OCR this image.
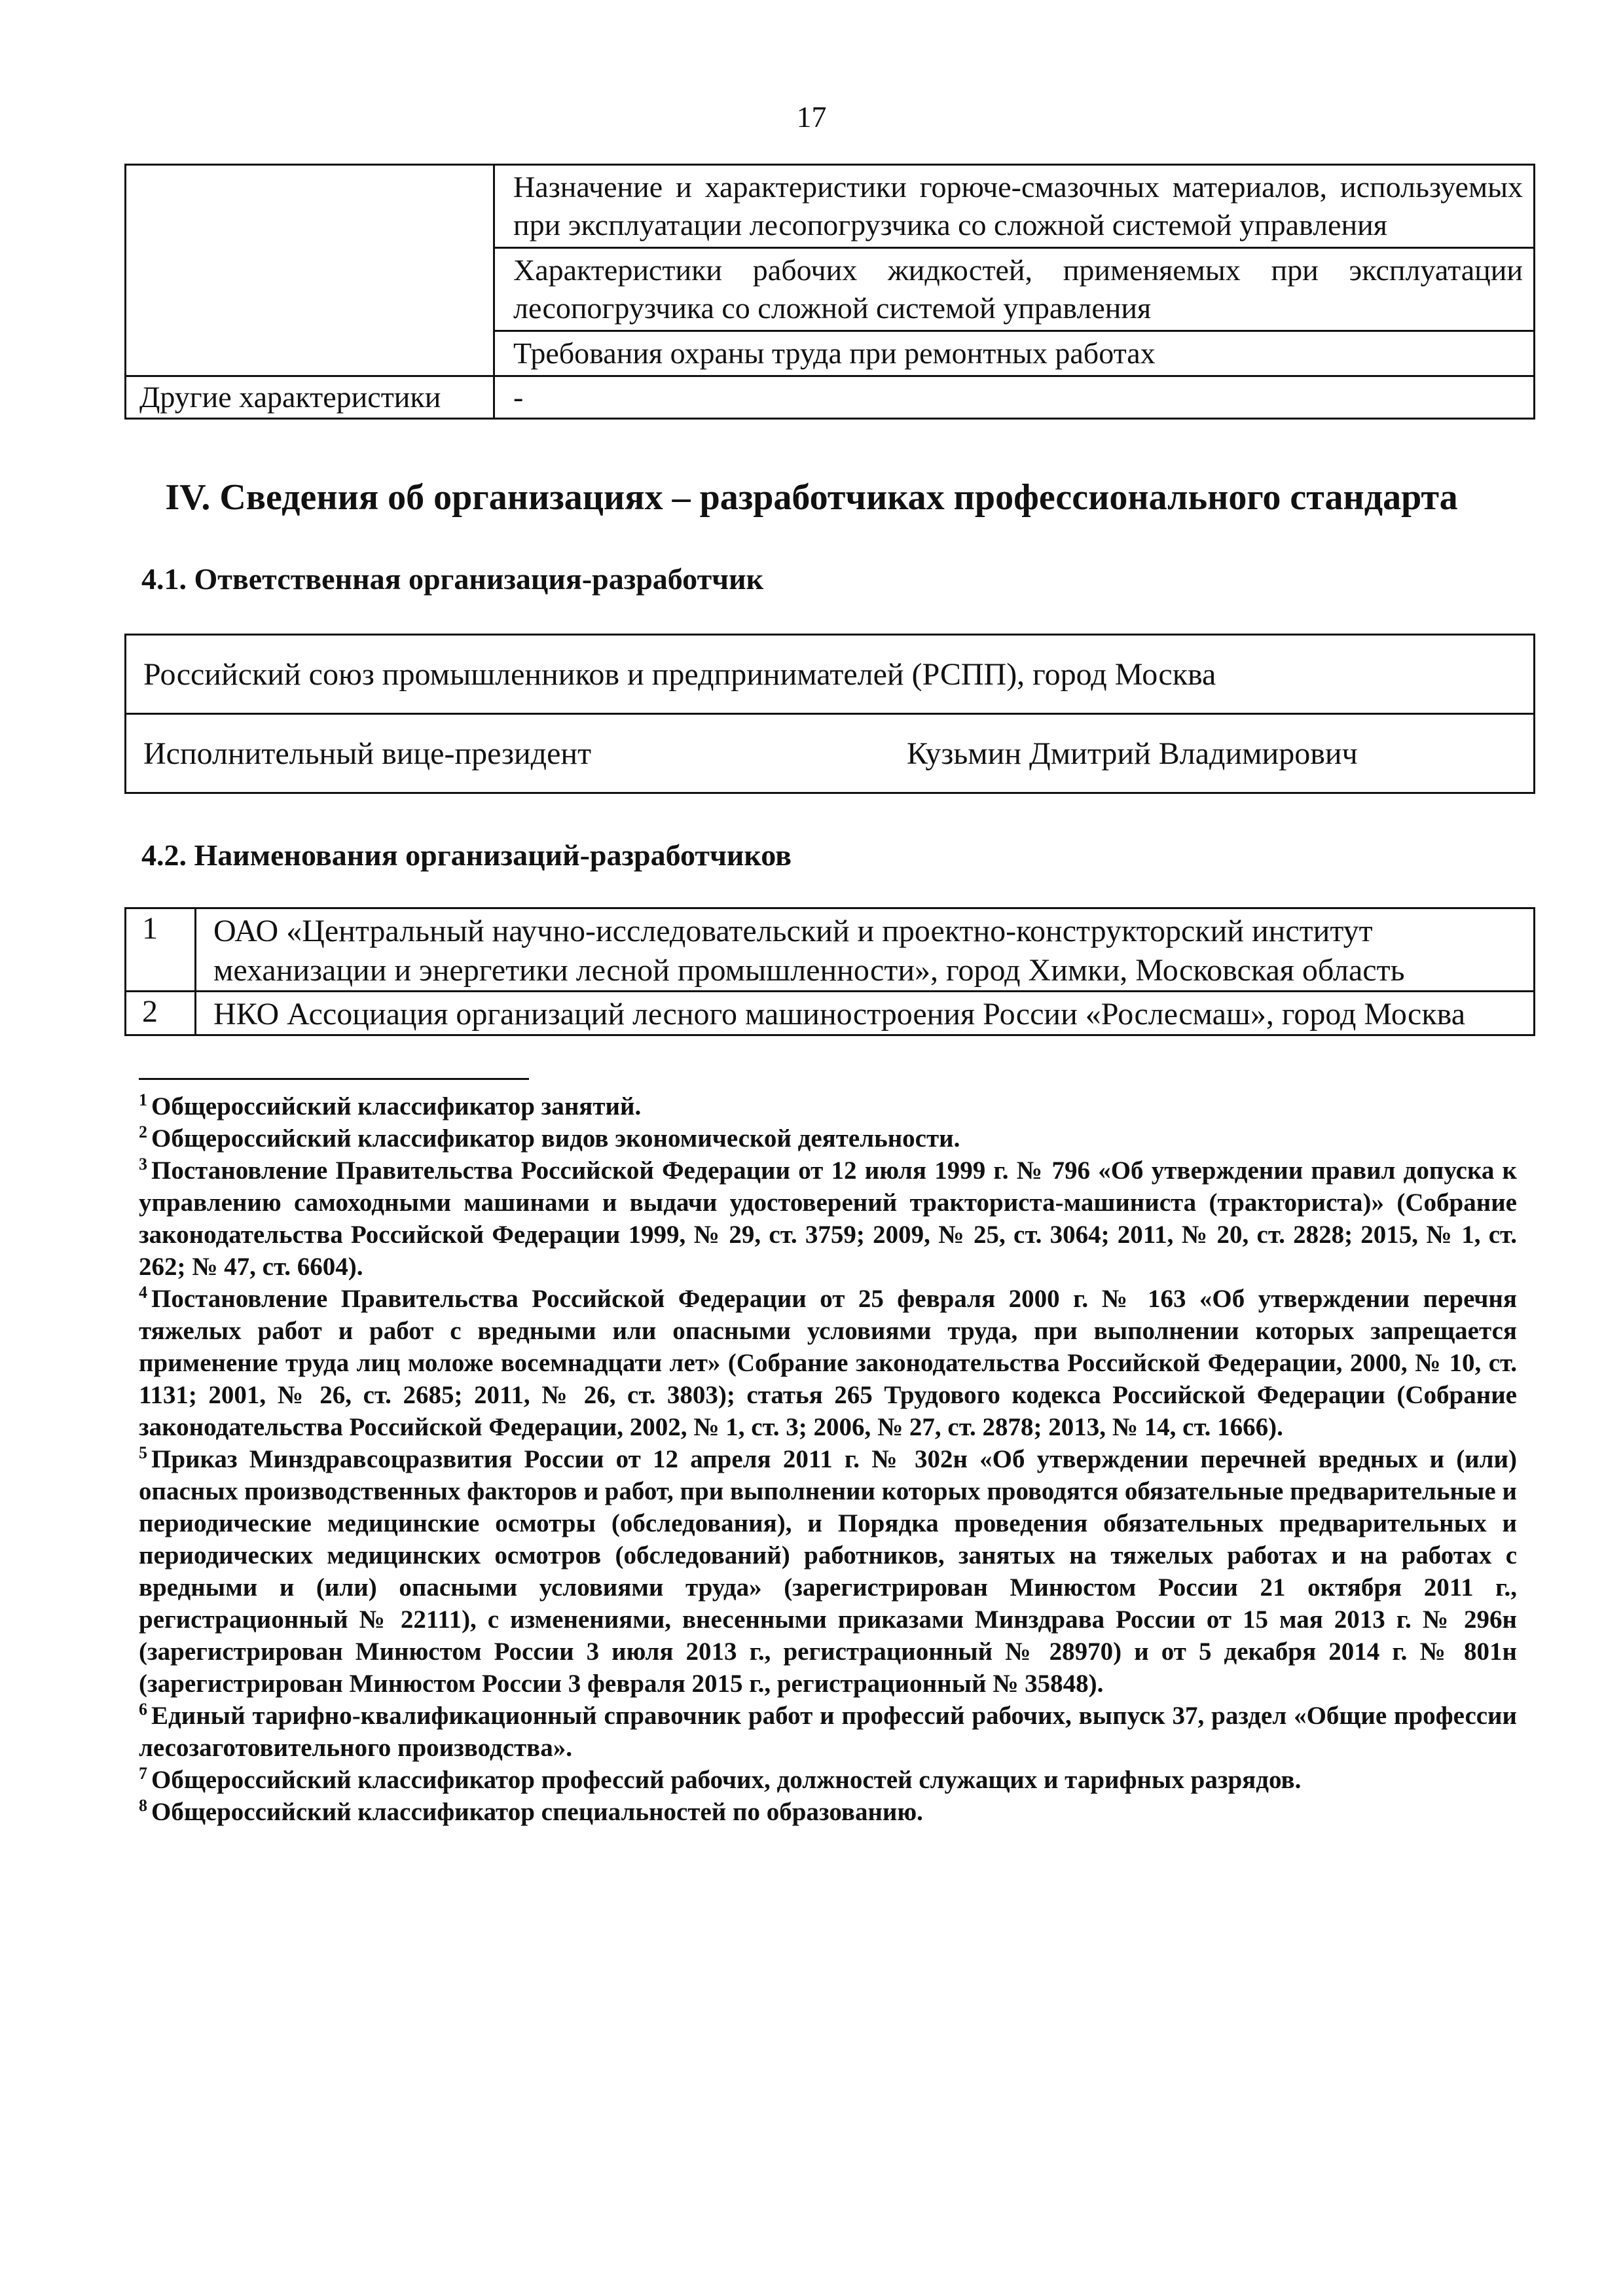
17
	Назначение и характеристики горюче-смазочных материалов, используемых при эксплуатации лесопогрузчика со сложной системой управления
	Характеристики рабочих жидкостей, применяемых при эксплуатации лесопогрузчика со сложной системой управления
	Требования охраны труда при ремонтных работах
Другие характеристики	-
IV. Сведения об организациях – разработчиках профессионального стандарта
4.1. Ответственная организация-разработчик
Российский союз промышленников и предпринимателей (РСПП), город Москва
Исполнительный вице-президент	Кузьмин Дмитрий Владимирович
4.2. Наименования организаций-разработчиков
1	ОАО «Центральный научно-исследовательский и проектно-конструкторский институт механизации и энергетики лесной промышленности», город Химки, Московская область
2	НКО Ассоциация организаций лесного машиностроения России «Рослесмаш», город Москва

$^1$ Общероссийский классификатор занятий.

$^2$ Общероссийский классификатор видов экономической деятельности.

$^3$ Постановление Правительства Российской Федерации от 12 июля 1999 г. № 796 «Об утверждении правил допуска к управлению самоходными машинами и выдачи удостоверений тракториста-машиниста (тракториста)» (Собрание законодательства Российской Федерации 1999, № 29, ст. 3759; 2009, № 25, ст. 3064; 2011, № 20, ст. 2828; 2015, № 1, ст. 262; № 47, ст. 6604).

$^4$ Постановление Правительства Российской Федерации от 25 февраля 2000 г. № 163 «Об утверждении перечня тяжелых работ и работ с вредными или опасными условиями труда, при выполнении которых запрещается применение труда лиц моложе восемнадцати лет» (Собрание законодательства Российской Федерации, 2000, № 10, ст. 1131; 2001, № 26, ст. 2685; 2011, № 26, ст. 3803); статья 265 Трудового кодекса Российской Федерации (Собрание законодательства Российской Федерации, 2002, № 1, ст. 3; 2006, № 27, ст. 2878; 2013, № 14, ст. 1666).

$^5$ Приказ Минздравсоцразвития России от 12 апреля 2011 г. № 302н «Об утверждении перечней вредных и (или) опасных производственных факторов и работ, при выполнении которых проводятся обязательные предварительные и периодические медицинские осмотры (обследования), и Порядка проведения обязательных предварительных и периодических медицинских осмотров (обследований) работников, занятых на тяжелых работах и на работах с вредными и (или) опасными условиями труда» (зарегистрирован Минюстом России 21 октября 2011 г., регистрационный № 22111), с изменениями, внесенными приказами Минздрава России от 15 мая 2013 г. № 296н (зарегистрирован Минюстом России 3 июля 2013 г., регистрационный № 28970) и от 5 декабря 2014 г. № 801н (зарегистрирован Минюстом России 3 февраля 2015 г., регистрационный № 35848).

$^6$ Единый тарифно-квалификационный справочник работ и профессий рабочих, выпуск 37, раздел «Общие профессии лесозаготовительного производства».

$^7$ Общероссийский классификатор профессий рабочих, должностей служащих и тарифных разрядов.

$^8$ Общероссийский классификатор специальностей по образованию.
